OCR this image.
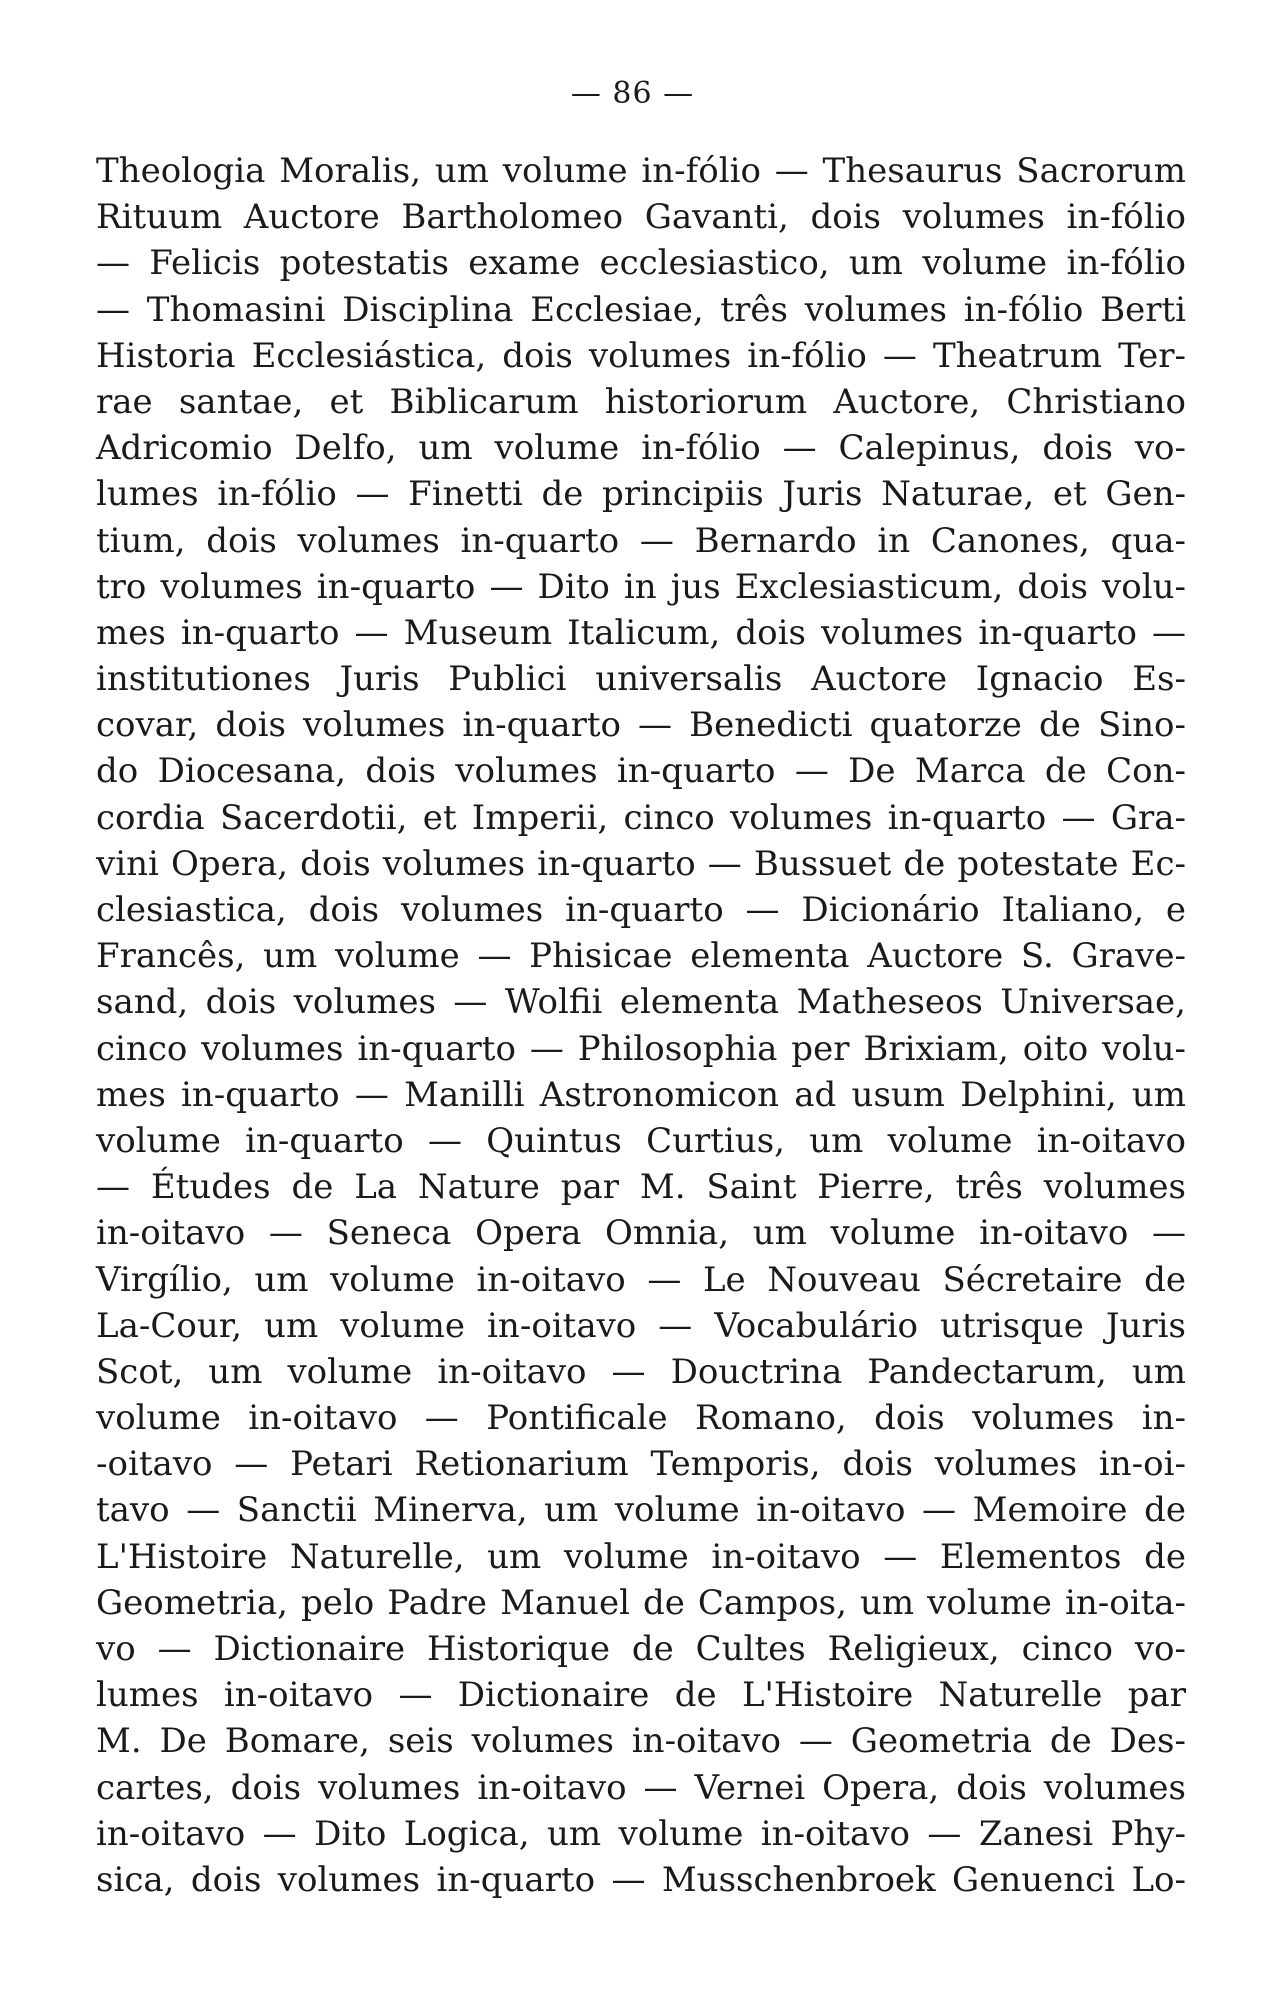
— 86 —
Theologia Moralis, um volume in-fólio — Thesaurus Sacrorum
Rituum Auctore Bartholomeo Gavanti, dois volumes in-fólio
— Felicis potestatis exame ecclesiastico, um volume in-fólio
— Thomasini Disciplina Ecclesiae, três volumes in-fólio Berti
Historia Ecclesiástica, dois volumes in-fólio — Theatrum Ter-
rae santae, et Biblicarum historiorum Auctore, Christiano
Adricomio Delfo, um volume in-fólio — Calepinus, dois vo-
lumes in-fólio — Finetti de principiis Juris Naturae, et Gen-
tium, dois volumes in-quarto — Bernardo in Canones, qua-
tro volumes in-quarto — Dito in jus Exclesiasticum, dois volu-
mes in-quarto — Museum Italicum, dois volumes in-quarto —
institutiones Juris Publici universalis Auctore Ignacio Es-
covar, dois volumes in-quarto — Benedicti quatorze de Sino-
do Diocesana, dois volumes in-quarto — De Marca de Con-
cordia Sacerdotii, et Imperii, cinco volumes in-quarto — Gra-
vini Opera, dois volumes in-quarto — Bussuet de potestate Ec-
clesiastica, dois volumes in-quarto — Dicionário Italiano, e
Francês, um volume — Phisicae elementa Auctore S. Grave-
sand, dois volumes — Wolfii elementa Matheseos Universae,
cinco volumes in-quarto — Philosophia per Brixiam, oito volu-
mes in-quarto — Manilli Astronomicon ad usum Delphini, um
volume in-quarto — Quintus Curtius, um volume in-oitavo
— Études de La Nature par M. Saint Pierre, três volumes
in-oitavo — Seneca Opera Omnia, um volume in-oitavo —
Virgílio, um volume in-oitavo — Le Nouveau Sécretaire de
La-Cour, um volume in-oitavo — Vocabulário utrisque Juris
Scot, um volume in-oitavo — Douctrina Pandectarum, um
volume in-oitavo — Pontificale Romano, dois volumes in-
-oitavo — Petari Retionarium Temporis, dois volumes in-oi-
tavo — Sanctii Minerva, um volume in-oitavo — Memoire de
L'Histoire Naturelle, um volume in-oitavo — Elementos de
Geometria, pelo Padre Manuel de Campos, um volume in-oita-
vo — Dictionaire Historique de Cultes Religieux, cinco vo-
lumes in-oitavo — Dictionaire de L'Histoire Naturelle par
M. De Bomare, seis volumes in-oitavo — Geometria de Des-
cartes, dois volumes in-oitavo — Vernei Opera, dois volumes
in-oitavo — Dito Logica, um volume in-oitavo — Zanesi Phy-
sica, dois volumes in-quarto — Musschenbroek Genuenci Lo-
